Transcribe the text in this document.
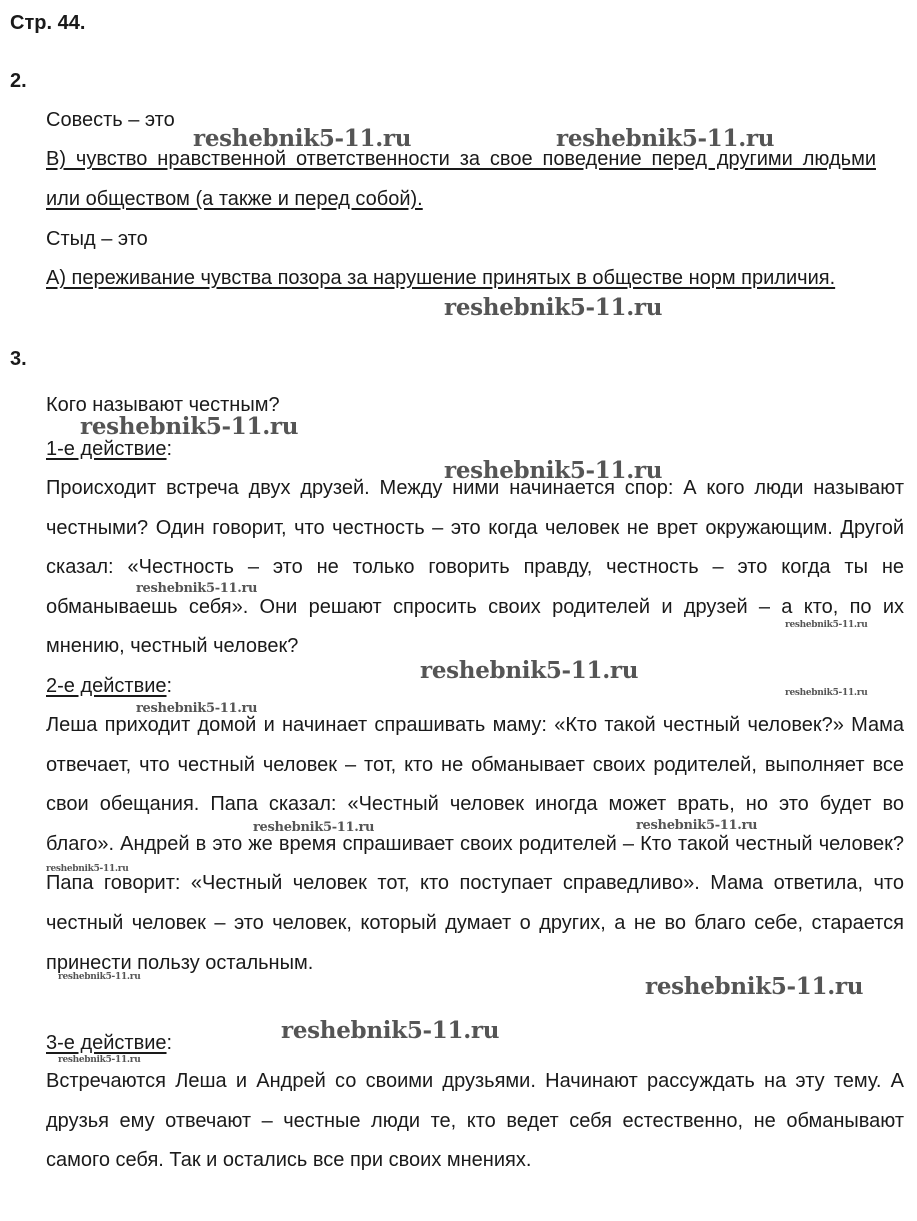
Стр. 44.
2.
Совесть – это

В) чувство нравственной ответственности за свое поведение перед другими людьми или обществом (а также и перед собой).

Стыд – это

А) переживание чувства позора за нарушение принятых в обществе норм приличия.

3.
Кого называют честным?
1-е действие:

Происходит встреча двух друзей. Между ними начинается спор: А кого люди называют честными? Один говорит, что честность – это когда человек не врет окружающим. Другой сказал: «Честность – это не только говорить правду, честность – это когда ты не обманываешь себя». Они решают спросить своих родителей и друзей – а кто, по их мнению, честный человек?

2-е действие:

Леша приходит домой и начинает спрашивать маму: «Кто такой честный человек?» Мама отвечает, что честный человек – тот, кто не обманывает своих родителей, выполняет все свои обещания. Папа сказал: «Честный человек иногда может врать, но это будет во благо». Андрей в это же время спрашивает своих родителей – Кто такой честный человек? Папа говорит: «Честный человек тот, кто поступает справедливо». Мама ответила, что честный человек – это человек, который думает о других, а не во благо себе, старается принести пользу остальным.

3-е действие:

Встречаются Леша и Андрей со своими друзьями. Начинают рассуждать на эту тему. А друзья ему отвечают – честные люди те, кто ведет себя естественно, не обманывают самого себя. Так и остались все при своих мнениях.

reshebnik5-11.ru	reshebnik5-11.ru
reshebnik5-11.ru
reshebnik5-11.ru
reshebnik5-11.ru
reshebnik5-11.ru
reshebnik5-11.ru
reshebnik5-11.ru
reshebnik5-11.ru
reshebnik5-11.ru
reshebnik5-11.ru	reshebnik5-11.ru
reshebnik5-11.ru
reshebnik5-11.ru	reshebnik5-11.ru
reshebnik5-11.ru
reshebnik5-11.ru
